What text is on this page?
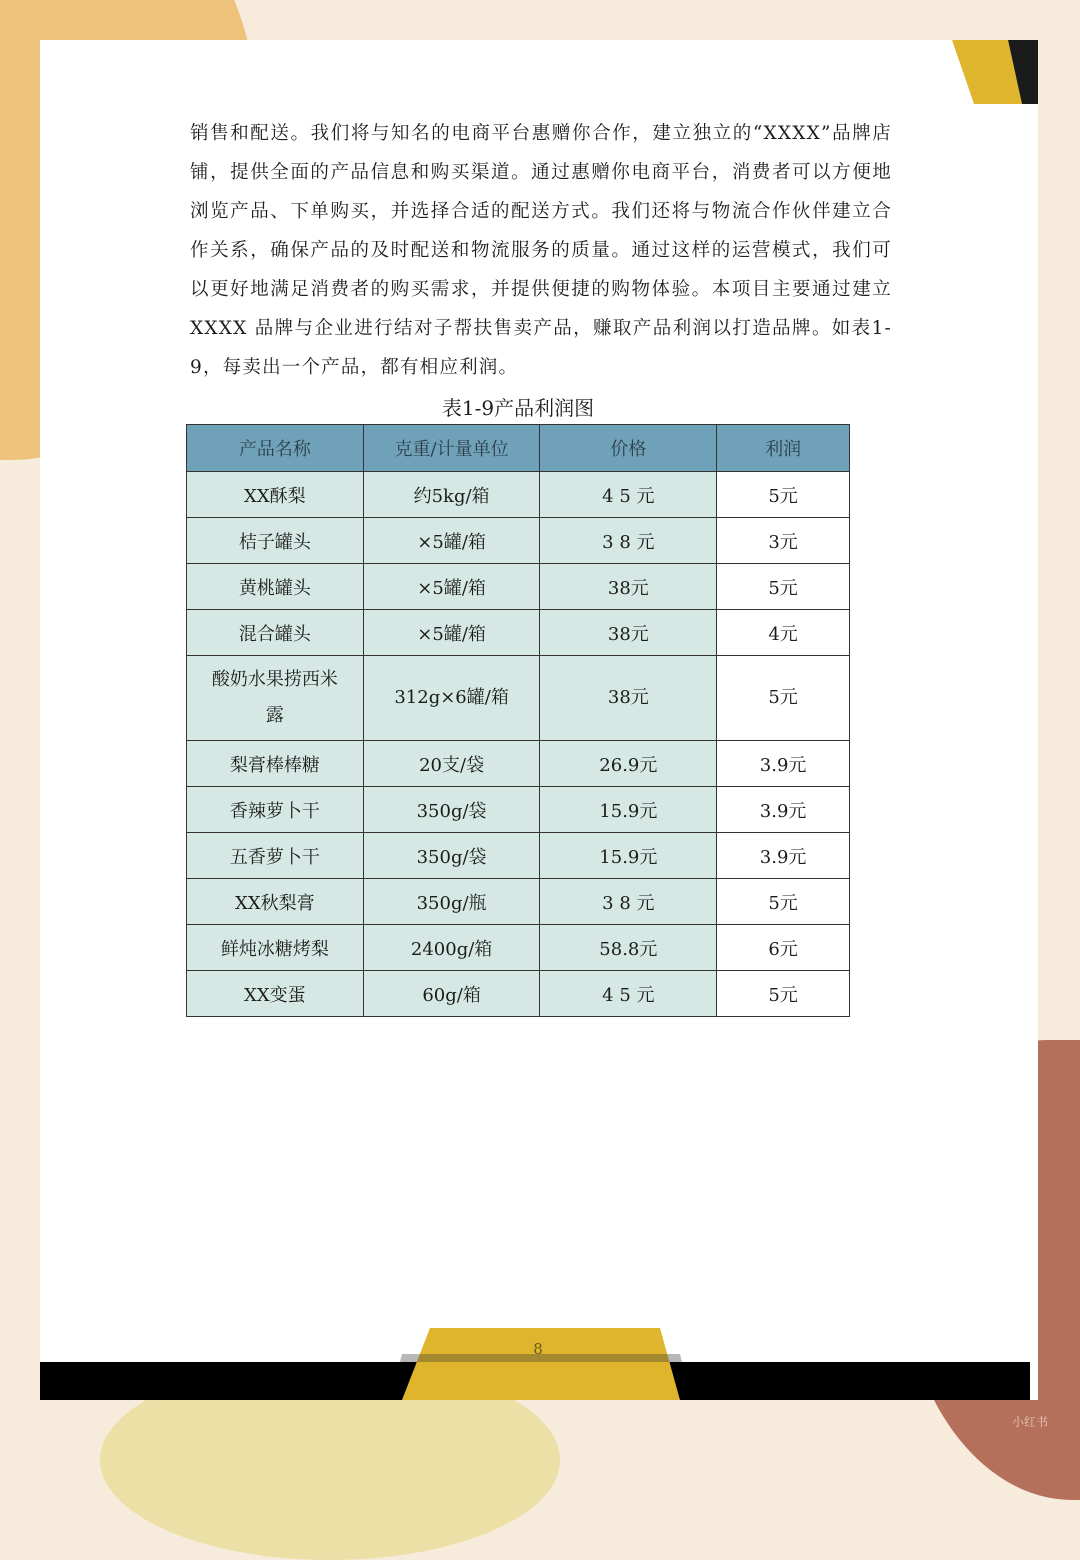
销售和配送。我们将与知名的电商平台惠赠你合作，建立独立的“XXXX”品牌店铺，提供全面的产品信息和购买渠道。通过惠赠你电商平台，消费者可以方便地浏览产品、下单购买，并选择合适的配送方式。我们还将与物流合作伙伴建立合作关系，确保产品的及时配送和物流服务的质量。通过这样的运营模式，我们可以更好地满足消费者的购买需求，并提供便捷的购物体验。本项目主要通过建立XXXX 品牌与企业进行结对子帮扶售卖产品，赚取产品利润以打造品牌。如表1-9，每卖出一个产品，都有相应利润。

表1-9产品利润图
产品名称	克重/计量单位	价格	利润
XX酥梨	约5kg/箱	4 5 元	5元
桔子罐头	×5罐/箱	3 8 元	3元
黄桃罐头	×5罐/箱	38元	5元
混合罐头	×5罐/箱	38元	4元
酸奶水果捞西米露	312g×6罐/箱	38元	5元
梨膏棒棒糖	20支/袋	26.9元	3.9元
香辣萝卜干	350g/袋	15.9元	3.9元
五香萝卜干	350g/袋	15.9元	3.9元
XX秋梨膏	350g/瓶	3 8 元	5元
鲜炖冰糖烤梨	2400g/箱	58.8元	6元
XX变蛋	60g/箱	4 5 元	5元
8
小红书
